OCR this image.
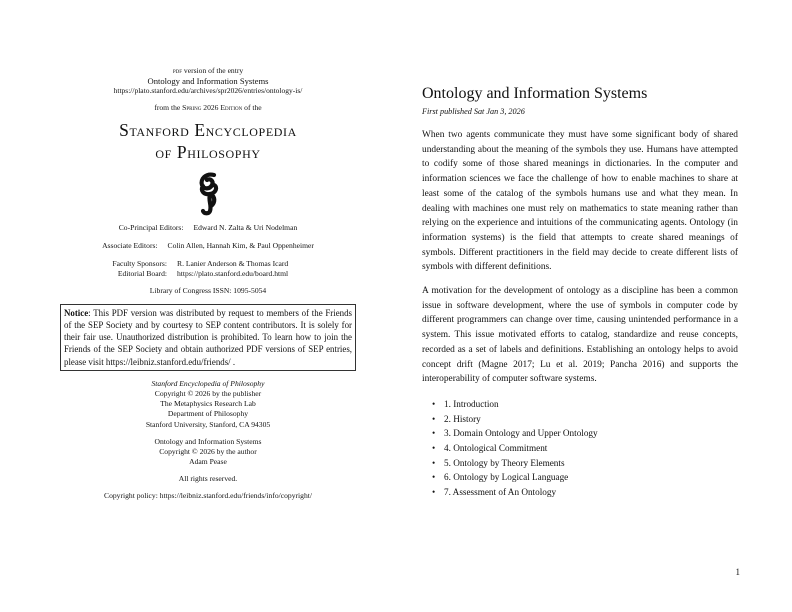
pdf version of the entry
Ontology and Information Systems
https://plato.stanford.edu/archives/spr2026/entries/ontology-is/
from the Spring 2026 Edition of the
Stanford Encyclopedia
of Philosophy
Co-Principal Editors: Edward N. Zalta & Uri Nodelman
Associate Editors: Colin Allen, Hannah Kim, & Paul Oppenheimer
Faculty Sponsors: R. Lanier Anderson & Thomas Icard
Editorial Board: https://plato.stanford.edu/board.html
Library of Congress ISSN: 1095-5054
Notice: This PDF version was distributed by request to members of the Friends of the SEP Society and by courtesy to SEP content contributors. It is solely for their fair use. Unauthorized distribution is prohibited. To learn how to join the Friends of the SEP Society and obtain authorized PDF versions of SEP entries, please visit https://leibniz.stanford.edu/friends/ .
Stanford Encyclopedia of Philosophy
Copyright © 2026 by the publisher
The Metaphysics Research Lab
Department of Philosophy
Stanford University, Stanford, CA 94305
Ontology and Information Systems
Copyright © 2026 by the author
Adam Pease
All rights reserved.
Copyright policy: https://leibniz.stanford.edu/friends/info/copyright/
Ontology and Information Systems
First published Sat Jan 3, 2026

When two agents communicate they must have some significant body of shared understanding about the meaning of the symbols they use. Humans have attempted to codify some of those shared meanings in dictionaries. In the computer and information sciences we face the challenge of how to enable machines to share at least some of the catalog of the symbols humans use and what they mean. In dealing with machines one must rely on mathematics to state meaning rather than relying on the experience and intuitions of the communicating agents. Ontology (in information systems) is the field that attempts to create shared meanings of symbols. Different practitioners in the field may decide to create different lists of symbols with different definitions.

A motivation for the development of ontology as a discipline has been a common issue in software development, where the use of symbols in computer code by different programmers can change over time, causing unintended performance in a system. This issue motivated efforts to catalog, standardize and reuse concepts, recorded as a set of labels and definitions. Establishing an ontology helps to avoid concept drift (Magne 2017; Lu et al. 2019; Pancha 2016) and supports the interoperability of computer software systems.

• 1. Introduction
• 2. History
• 3. Domain Ontology and Upper Ontology
• 4. Ontological Commitment
• 5. Ontology by Theory Elements
• 6. Ontology by Logical Language
• 7. Assessment of An Ontology
1
